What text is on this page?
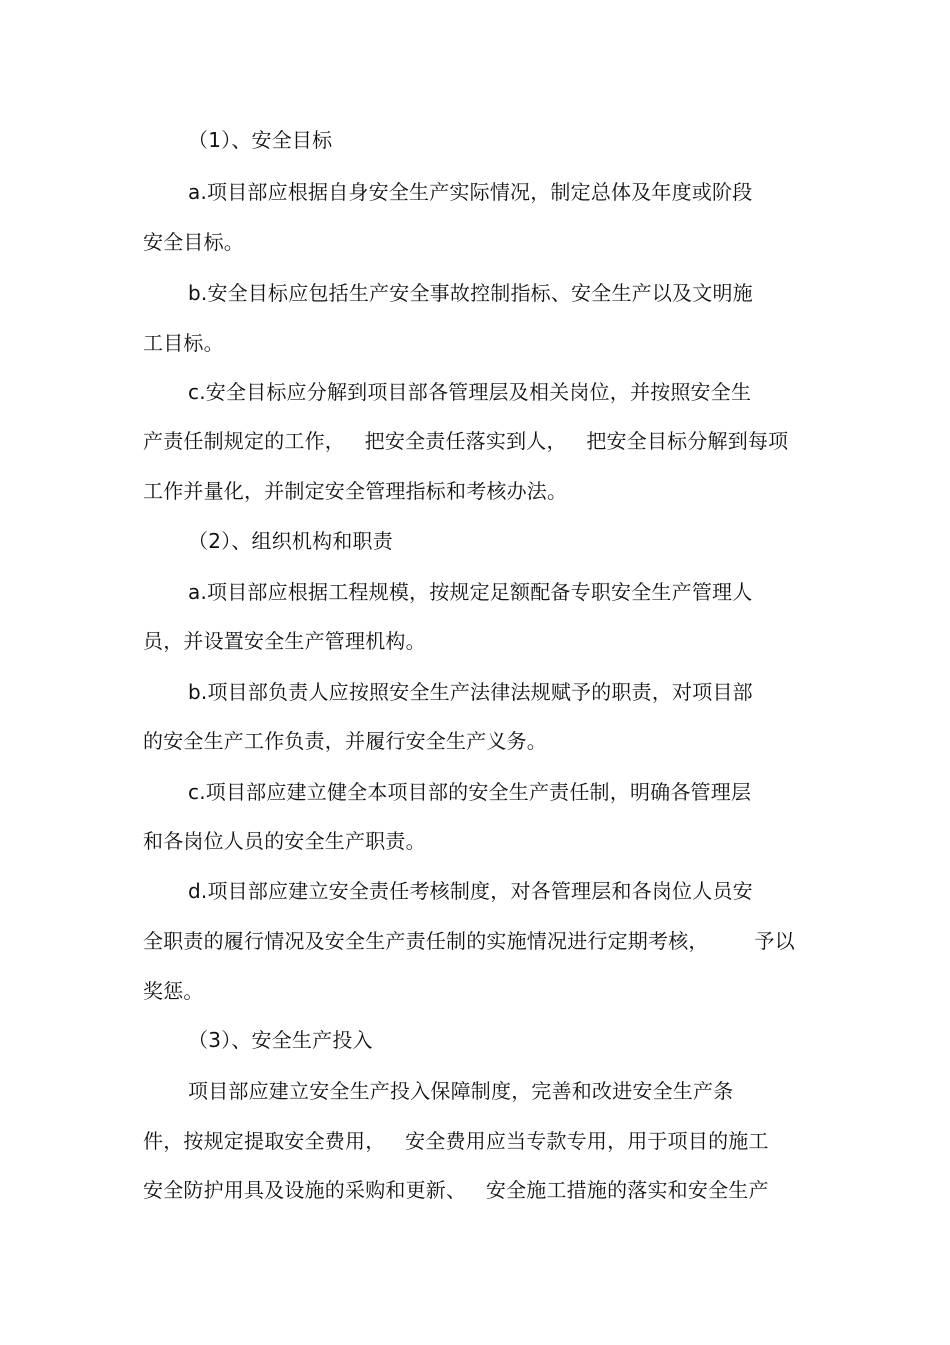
（1）、安全目标
a.项目部应根据自身安全生产实际情况，制定总体及年度或阶段
安全目标。
b.安全目标应包括生产安全事故控制指标、安全生产以及文明施
工目标。
c.安全目标应分解到项目部各管理层及相关岗位，并按照安全生
产责任制规定的工作，   把安全责任落实到人，   把安全目标分解到每项
工作并量化，并制定安全管理指标和考核办法。
（2）、组织机构和职责
a.项目部应根据工程规模，按规定足额配备专职安全生产管理人
员，并设置安全生产管理机构。
b.项目部负责人应按照安全生产法律法规赋予的职责，对项目部
的安全生产工作负责，并履行安全生产义务。
c.项目部应建立健全本项目部的安全生产责任制，明确各管理层
和各岗位人员的安全生产职责。
d.项目部应建立安全责任考核制度，对各管理层和各岗位人员安
全职责的履行情况及安全生产责任制的实施情况进行定期考核，       予以
奖惩。
（3）、安全生产投入
项目部应建立安全生产投入保障制度，完善和改进安全生产条
件，按规定提取安全费用，   安全费用应当专款专用，用于项目的施工
安全防护用具及设施的采购和更新、   安全施工措施的落实和安全生产
